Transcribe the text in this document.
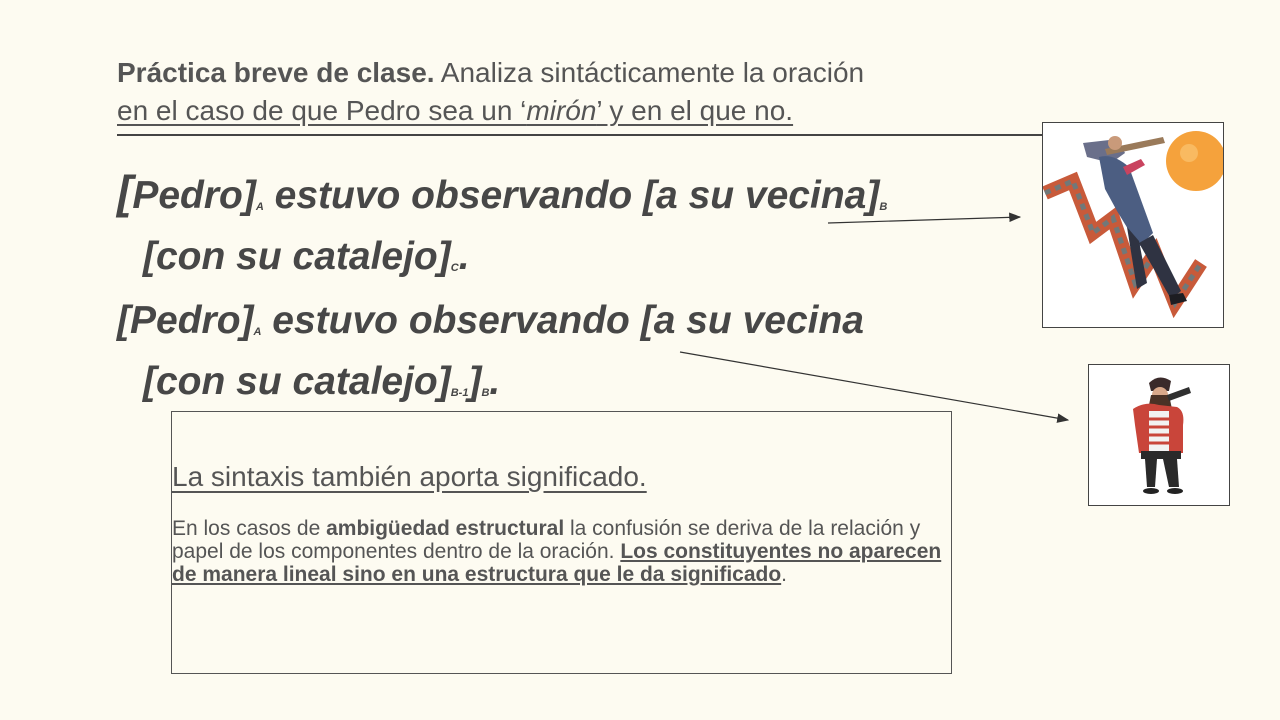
Práctica breve de clase. Analiza sintácticamente la oración
en el caso de que Pedro sea un ‘mirón’ y en el que no.
$[Pedro]_A$ estuvo observando [a su $vecina]_B$
[con su $catalejo]_C$.
$[Pedro]_A$ estuvo observando [a su vecina
[con su $catalejo]_{B-1}]_B$.
La sintaxis también aporta significado.
En los casos de ambigüedad estructural la confusión se deriva de la relación y papel de los componentes dentro de la oración. Los constituyentes no aparecen de manera lineal sino en una estructura que le da significado.
